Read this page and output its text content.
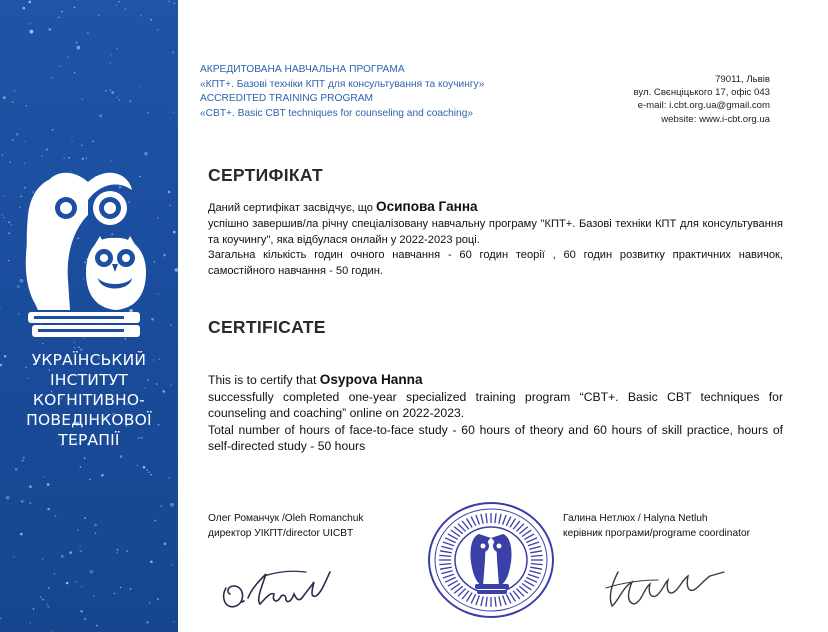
УКРАЇНСЬКИЙ
ІНСТИТУТ
КОГНІТИВНО-
ПОВЕДІНКОВОЇ
ТЕРАПІЇ
АКРЕДИТОВАНА НАВЧАЛЬНА ПРОГРАМА
«КПТ+. Базові техніки КПТ для консультування та коучингу»
ACCREDITED TRAINING PROGRAM
«CBT+. Basic CBT techniques for counseling and coaching»
79011, Львів
вул. Свєнціцького 17, офіс 043
e-mail: i.cbt.org.ua@gmail.com
website: www.i-cbt.org.ua
СЕРТИФІКАТ
Даний сертифікат засвідчує, що Осипова Ганна
успішно завершив/ла річну спеціалізовану навчальну програму "КПТ+. Базові техніки КПТ для консультування та коучингу", яка відбулася онлайн у 2022-2023 році.
Загальна кількість годин очного навчання - 60 годин теорії , 60 годин розвитку практичних навичок, самостійного навчання - 50 годин.
CERTIFICATE
This is to certify that Osypova Hanna
successfully completed one-year specialized training program “CBT+. Basic CBT techniques for counseling and coaching” online on 2022-2023.
Total number of hours of face-to-face study - 60 hours of theory and 60 hours of skill practice, hours of self-directed study - 50 hours
Олег Романчук /Oleh Romanchuk
директор УІКПТ/director UICBT
Галина Нетлюх / Halyna Netluh
керівник програми/programe coordinator
